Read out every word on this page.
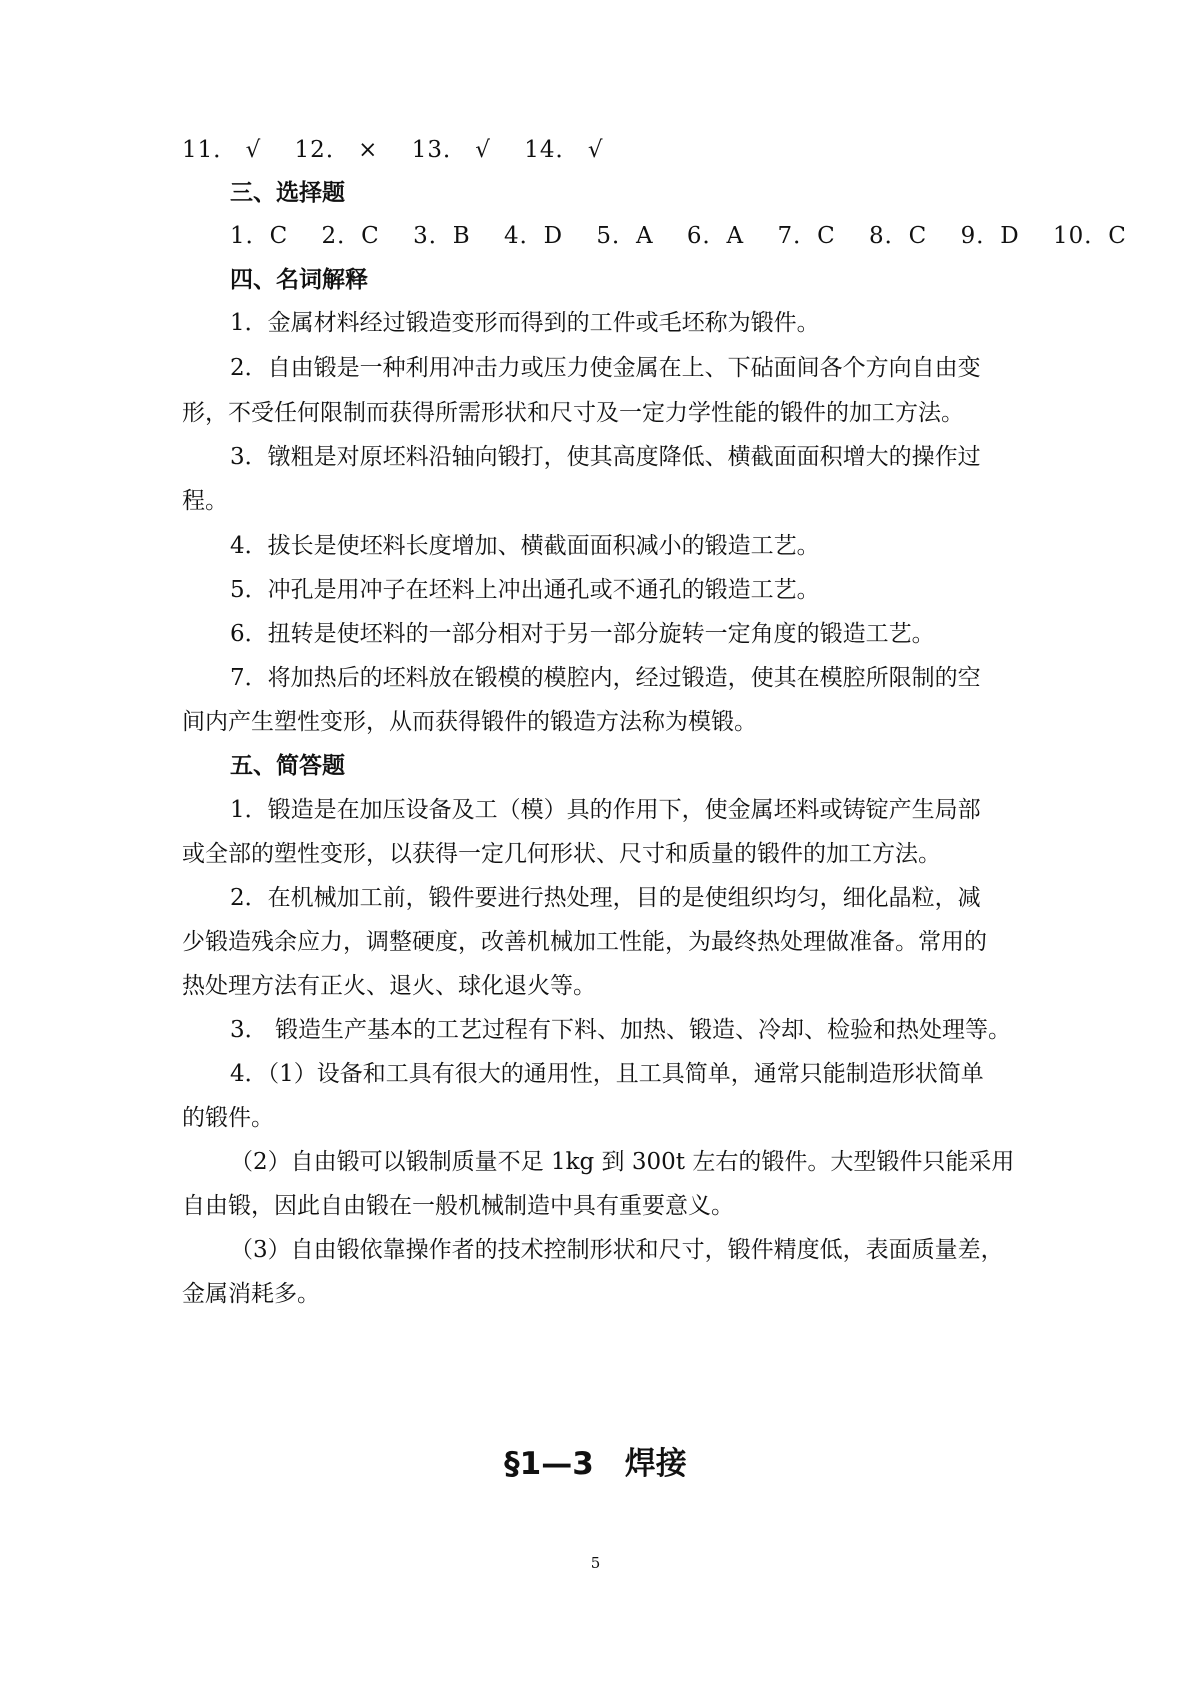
11． √ 12． × 13． √ 14． √
三、选择题
1．C 2．C 3．B 4．D 5．A 6．A 7．C 8．C 9．D 10．C
四、名词解释
1．金属材料经过锻造变形而得到的工件或毛坯称为锻件。
2．自由锻是一种利用冲击力或压力使金属在上、下砧面间各个方向自由变
形，不受任何限制而获得所需形状和尺寸及一定力学性能的锻件的加工方法。
3．镦粗是对原坯料沿轴向锻打，使其高度降低、横截面面积增大的操作过
程。
4．拔长是使坯料长度增加、横截面面积减小的锻造工艺。
5．冲孔是用冲子在坯料上冲出通孔或不通孔的锻造工艺。
6．扭转是使坯料的一部分相对于另一部分旋转一定角度的锻造工艺。
7．将加热后的坯料放在锻模的模腔内，经过锻造，使其在模腔所限制的空
间内产生塑性变形，从而获得锻件的锻造方法称为模锻。
五、简答题
1．锻造是在加压设备及工（模）具的作用下，使金属坯料或铸锭产生局部
或全部的塑性变形，以获得一定几何形状、尺寸和质量的锻件的加工方法。
2．在机械加工前，锻件要进行热处理，目的是使组织均匀，细化晶粒，减
少锻造残余应力，调整硬度，改善机械加工性能，为最终热处理做准备。常用的
热处理方法有正火、退火、球化退火等。
3． 锻造生产基本的工艺过程有下料、加热、锻造、冷却、检验和热处理等。
4．（1）设备和工具有很大的通用性，且工具简单，通常只能制造形状简单
的锻件。
（2）自由锻可以锻制质量不足 1kg 到 300t 左右的锻件。大型锻件只能采用
自由锻，因此自由锻在一般机械制造中具有重要意义。
（3）自由锻依靠操作者的技术控制形状和尺寸，锻件精度低，表面质量差，
金属消耗多。
§1—3　焊接
5
